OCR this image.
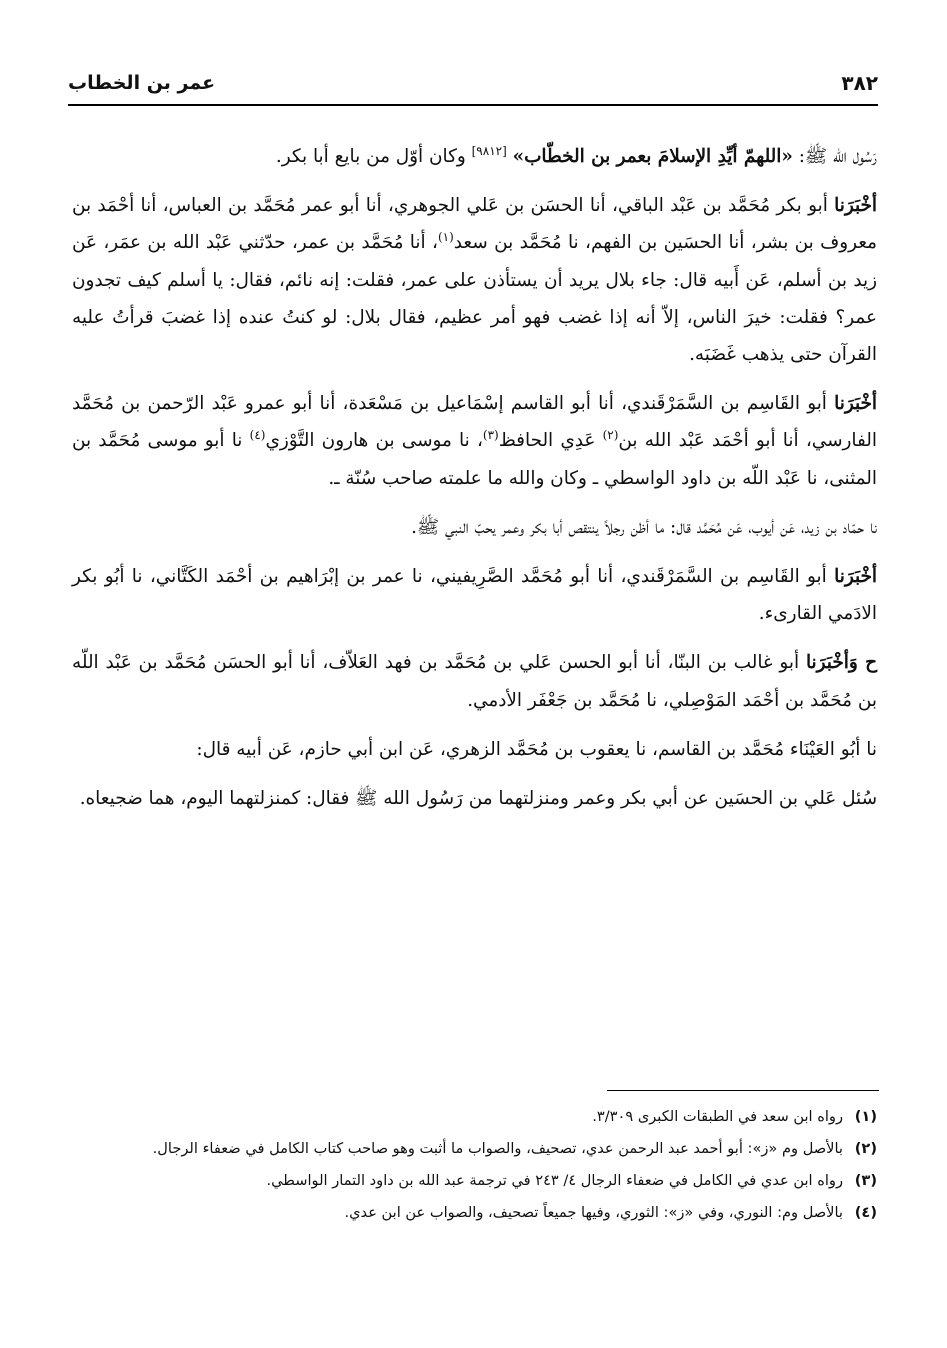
٣٨٢
عمر بن الخطاب

رَسُول الله ﷺ: «اللهمّ أيِّدِ الإسلامَ بعمر بن الخطّاب» [٩٨١٢] وكان أوّل من بايع أبا بكر.

أخْبَرَنا أبو بكر مُحَمَّد بن عَبْد الباقي، أنا الحسَن بن عَلي الجوهري، أنا أبو عمر مُحَمَّد بن العباس، أنا أحْمَد بن معروف بن بشر، أنا الحسَين بن الفهم، نا مُحَمَّد بن سعد$^{(١)}$، أنا مُحَمَّد بن عمر، حدّثني عَبْد الله بن عمَر، عَن زيد بن أسلم، عَن أَبيه قال: جاء بلال يريد أن يستأذن على عمر، فقلت: إنه نائم، فقال: يا أسلم كيف تجدون عمر؟ فقلت: خيرَ الناس، إلاّ أنه إذا غضب فهو أمر عظيم، فقال بلال: لو كنتُ عنده إذا غضبَ قرأتُ عليه القرآن حتى يذهب غَضَبَه.

أخْبَرَنا أبو القَاسِم بن السَّمَرْقَندي، أنا أبو القاسم إسْمَاعيل بن مَسْعَدة، أنا أبو عمرو عَبْد الرّحمن بن مُحَمَّد الفارسي، أنا أبو أحْمَد عَبْد الله بن$^{(٢)}$ عَدِي الحافظ$^{(٣)}$، نا موسى بن هارون التَّوْزي$^{(٤)}$ نا أبو موسى مُحَمَّد بن المثنى، نا عَبْد اللّه بن داود الواسطي ـ وكان والله ما علمته صاحب سُنّة ـ.

نا حمّاد بن زيد، عَن أيوب، عَن مُحَمَّد قال: ما أظن رجلاً ينتقص أبا بكر وعمر يحبّ النبي ﷺ.

أخْبَرَنا أبو القَاسِم بن السَّمَرْقَندي، أنا أبو مُحَمَّد الصَّرِيفيني، نا عمر بن إبْرَاهيم بن أحْمَد الكَتَّاني، نا أبُو بكر الادَمي القارىء.

ح وَأخْبَرَنا أبو غالب بن البنّا، أنا أبو الحسن عَلي بن مُحَمَّد بن فهد العَلاّف، أنا أبو الحسَن مُحَمَّد بن عَبْد اللّه بن مُحَمَّد بن أحْمَد المَوْصِلي، نا مُحَمَّد بن جَعْفَر الأدمي.

نا أبُو العَيْنَاء مُحَمَّد بن القاسم، نا يعقوب بن مُحَمَّد الزهري، عَن ابن أبي حازم، عَن أبيه قال:

سُئل عَلي بن الحسَين عن أبي بكر وعمر ومنزلتهما من رَسُول الله ﷺ فقال: كمنزلتهما اليوم، هما ضجيعاه.

(١)
رواه ابن سعد في الطبقات الكبرى ٣/٣٠٩.
(٢)
بالأصل وم «ز»: أبو أحمد عبد الرحمن عدي، تصحيف، والصواب ما أثبت وهو صاحب كتاب الكامل في ضعفاء الرجال.
(٣)
رواه ابن عدي في الكامل في ضعفاء الرجال ٤/ ٢٤٣ في ترجمة عبد الله بن داود التمار الواسطي.
(٤)
بالأصل وم: النوري، وفي «ز»: الثوري، وفيها جميعاً تصحيف، والصواب عن ابن عدي.
